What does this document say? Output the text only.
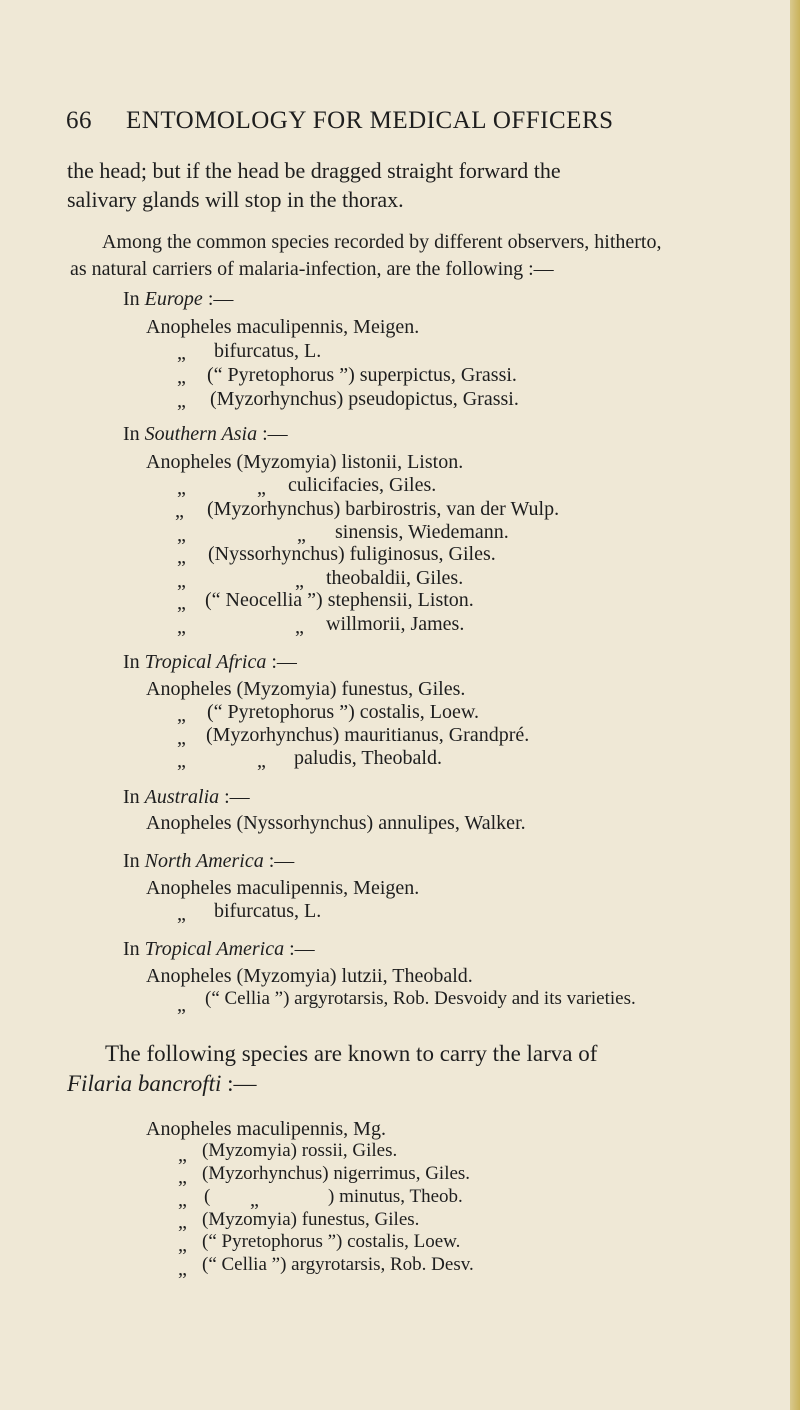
66 ENTOMOLOGY FOR MEDICAL OFFICERS
the head; but if the head be dragged straight forward the
salivary glands will stop in the thorax.
Among the common species recorded by different observers, hitherto,
as natural carriers of malaria-infection, are the following :—
In Europe :—
Anopheles maculipennis, Meigen.
„ bifurcatus, L.
„ (“ Pyretophorus ”) superpictus, Grassi.
„ (Myzorhynchus) pseudopictus, Grassi.
In Southern Asia :—
Anopheles (Myzomyia) listonii, Liston.
„	„ culicifacies, Giles.
„ (Myzorhynchus) barbirostris, van der Wulp.
„	„ sinensis, Wiedemann.
„ (Nyssorhynchus) fuliginosus, Giles.
„	„ theobaldii, Giles.
„ (“ Neocellia ”) stephensii, Liston.
„	„ willmorii, James.
In Tropical Africa :—
Anopheles (Myzomyia) funestus, Giles.
„ (“ Pyretophorus ”) costalis, Loew.
„ (Myzorhynchus) mauritianus, Grandpré.
„	„ paludis, Theobald.
In Australia :—
Anopheles (Nyssorhynchus) annulipes, Walker.
In North America :—
Anopheles maculipennis, Meigen.
„ bifurcatus, L.
In Tropical America :—
Anopheles (Myzomyia) lutzii, Theobald.
„ (“ Cellia ”) argyrotarsis, Rob. Desvoidy and its varieties.
The following species are known to carry the larva of
Filaria bancrofti :—
Anopheles maculipennis, Mg.
„ (Myzomyia) rossii, Giles.
„ (Myzorhynchus) nigerrimus, Giles.
„ ( „	) minutus, Theob.
„ (Myzomyia) funestus, Giles.
„ (“ Pyretophorus ”) costalis, Loew.
„ (“ Cellia ”) argyrotarsis, Rob. Desv.
